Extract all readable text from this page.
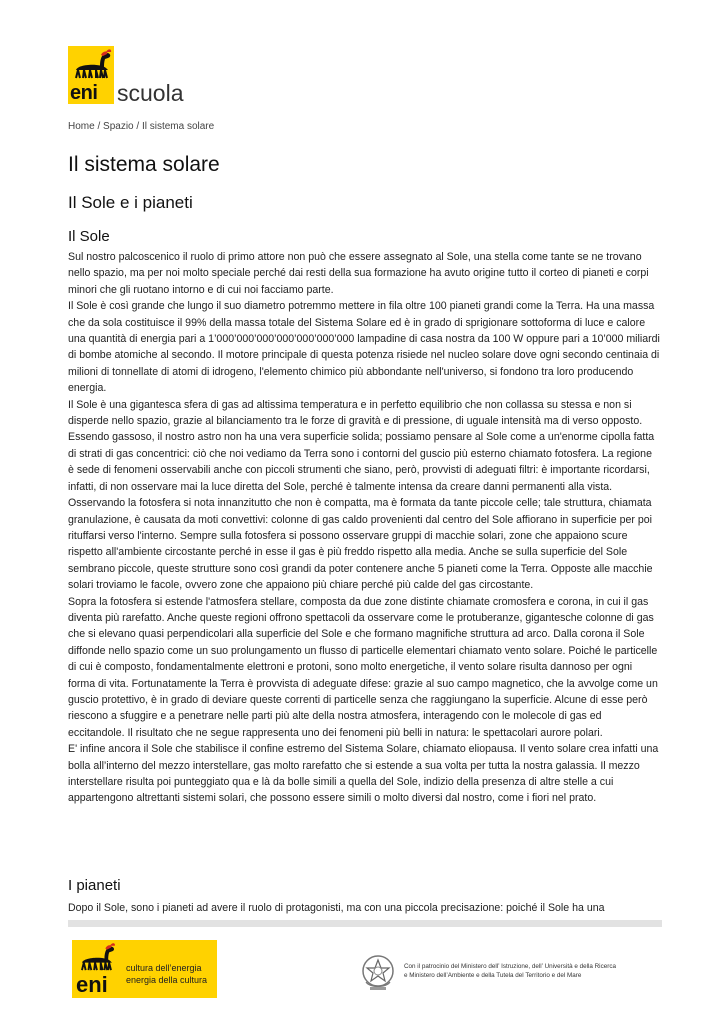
eni scuola
Home / Spazio / Il sistema solare
Il sistema solare
Il Sole e i pianeti
Il Sole

Sul nostro palcoscenico il ruolo di primo attore non può che essere assegnato al Sole, una stella come tante se ne trovano nello spazio, ma per noi molto speciale perché dai resti della sua formazione ha avuto origine tutto il corteo di pianeti e corpi minori che gli ruotano intorno e di cui noi facciamo parte.

Il Sole è così grande che lungo il suo diametro potremmo mettere in fila oltre 100 pianeti grandi come la Terra. Ha una massa che da sola costituisce il 99% della massa totale del Sistema Solare ed è in grado di sprigionare sottoforma di luce e calore una quantità di energia pari a 1’000’000’000’000’000’000’000 lampadine di casa nostra da 100 W oppure pari a 10’000 miliardi di bombe atomiche al secondo. Il motore principale di questa potenza risiede nel nucleo solare dove ogni secondo centinaia di milioni di tonnellate di atomi di idrogeno, l'elemento chimico più abbondante nell'universo, si fondono tra loro producendo energia.

Il Sole è una gigantesca sfera di gas ad altissima temperatura e in perfetto equilibrio che non collassa su stessa e non si disperde nello spazio, grazie al bilanciamento tra le forze di gravità e di pressione, di uguale intensità ma di verso opposto.

Essendo gassoso, il nostro astro non ha una vera superficie solida; possiamo pensare al Sole come a un'enorme cipolla fatta di strati di gas concentrici: ciò che noi vediamo da Terra sono i contorni del guscio più esterno chiamato fotosfera. La regione è sede di fenomeni osservabili anche con piccoli strumenti che siano, però, provvisti di adeguati filtri: è importante ricordarsi, infatti, di non osservare mai la luce diretta del Sole, perché è talmente intensa da creare danni permanenti alla vista. Osservando la fotosfera si nota innanzitutto che non è compatta, ma è formata da tante piccole celle; tale struttura, chiamata granulazione, è causata da moti convettivi: colonne di gas caldo provenienti dal centro del Sole affiorano in superficie per poi rituffarsi verso l'interno. Sempre sulla fotosfera si possono osservare gruppi di macchie solari, zone che appaiono scure rispetto all'ambiente circostante perché in esse il gas è più freddo rispetto alla media. Anche se sulla superficie del Sole sembrano piccole, queste strutture sono così grandi da poter contenere anche 5 pianeti come la Terra. Opposte alle macchie solari troviamo le facole, ovvero zone che appaiono più chiare perché più calde del gas circostante.

Sopra la fotosfera si estende l'atmosfera stellare, composta da due zone distinte chiamate cromosfera e corona, in cui il gas diventa più rarefatto. Anche queste regioni offrono spettacoli da osservare come le protuberanze, gigantesche colonne di gas che si elevano quasi perpendicolari alla superficie del Sole e che formano magnifiche struttura ad arco. Dalla corona il Sole diffonde nello spazio come un suo prolungamento un flusso di particelle elementari chiamato vento solare. Poiché le particelle di cui è composto, fondamentalmente elettroni e protoni, sono molto energetiche, il vento solare risulta dannoso per ogni forma di vita. Fortunatamente la Terra è provvista di adeguate difese: grazie al suo campo magnetico, che la avvolge come un guscio protettivo, è in grado di deviare queste correnti di particelle senza che raggiungano la superficie. Alcune di esse però riescono a sfuggire e a penetrare nelle parti più alte della nostra atmosfera, interagendo con le molecole di gas ed eccitandole. Il risultato che ne segue rappresenta uno dei fenomeni più belli in natura: le spettacolari aurore polari.

E' infine ancora il Sole che stabilisce il confine estremo del Sistema Solare, chiamato eliopausa. Il vento solare crea infatti una bolla all’interno del mezzo interstellare, gas molto rarefatto che si estende a sua volta per tutta la nostra galassia. Il mezzo interstellare risulta poi punteggiato qua e là da bolle simili a quella del Sole, indizio della presenza di altre stelle a cui appartengono altrettanti sistemi solari, che possono essere simili o molto diversi dal nostro, come i fiori nel prato.

I pianeti

Dopo il Sole, sono i pianeti ad avere il ruolo di protagonisti, ma con una piccola precisazione: poiché il Sole ha una

eni
cultura dell’energia
energia della cultura
Con il patrocinio del Ministero dell’ Istruzione, dell’ Università e della Ricerca
e Ministero dell’Ambiente e della Tutela del Territorio e del Mare
